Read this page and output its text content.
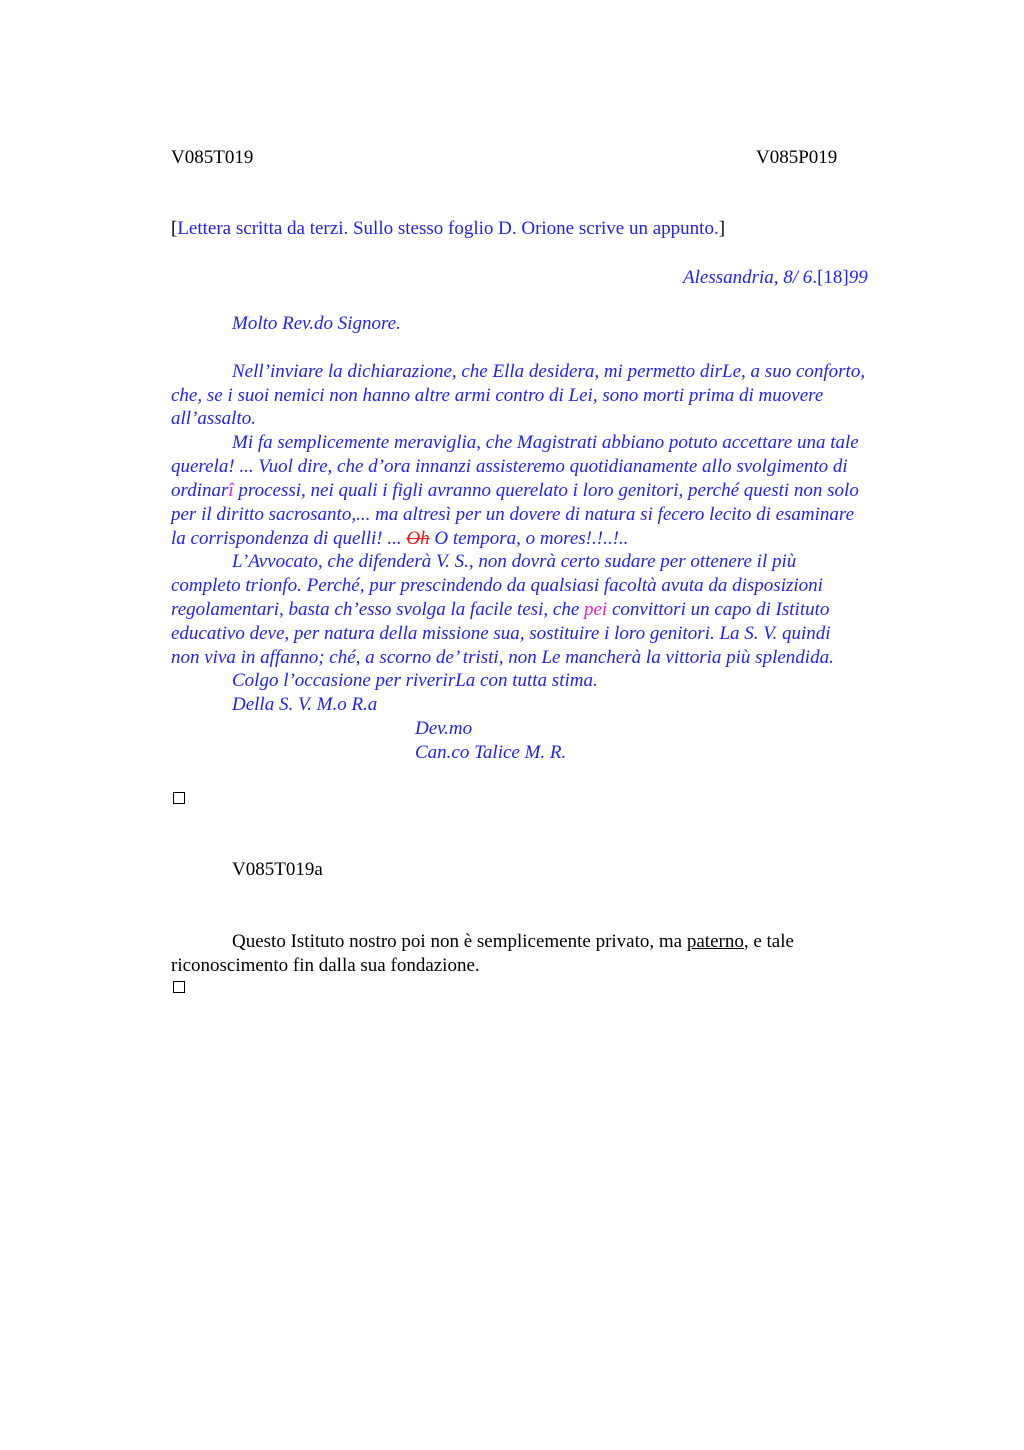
V085T019	V085P019
[Lettera scritta da terzi. Sullo stesso foglio D. Orione scrive un appunto.]
Alessandria, 8/ 6.[18]99
Molto Rev.do Signore.
Nell’inviare la dichiarazione, che Ella desidera, mi permetto dirLe, a suo conforto,
che, se i suoi nemici non hanno altre armi contro di Lei, sono morti prima di muovere
all’assalto.
Mi fa semplicemente meraviglia, che Magistrati abbiano potuto accettare una tale
querela! ... Vuol dire, che d’ora innanzi assisteremo quotidianamente allo svolgimento di
ordinarî processi, nei quali i figli avranno querelato i loro genitori, perché questi non solo
per il diritto sacrosanto,... ma altresì per un dovere di natura si fecero lecito di esaminare
la corrispondenza di quelli! ... Oh O tempora, o mores!.!..!..
L’Avvocato, che difenderà V. S., non dovrà certo sudare per ottenere il più
completo trionfo. Perché, pur prescindendo da qualsiasi facoltà avuta da disposizioni
regolamentari, basta ch’esso svolga la facile tesi, che pei convittori un capo di Istituto
educativo deve, per natura della missione sua, sostituire i loro genitori. La S. V. quindi
non viva in affanno; ché, a scorno de’ tristi, non Le mancherà la vittoria più splendida.
Colgo l’occasione per riverirLa con tutta stima.
Della S. V. M.o R.a
Dev.mo
Can.co Talice M. R.
V085T019a
Questo Istituto nostro poi non è semplicemente privato, ma paterno, e tale
riconoscimento fin dalla sua fondazione.
